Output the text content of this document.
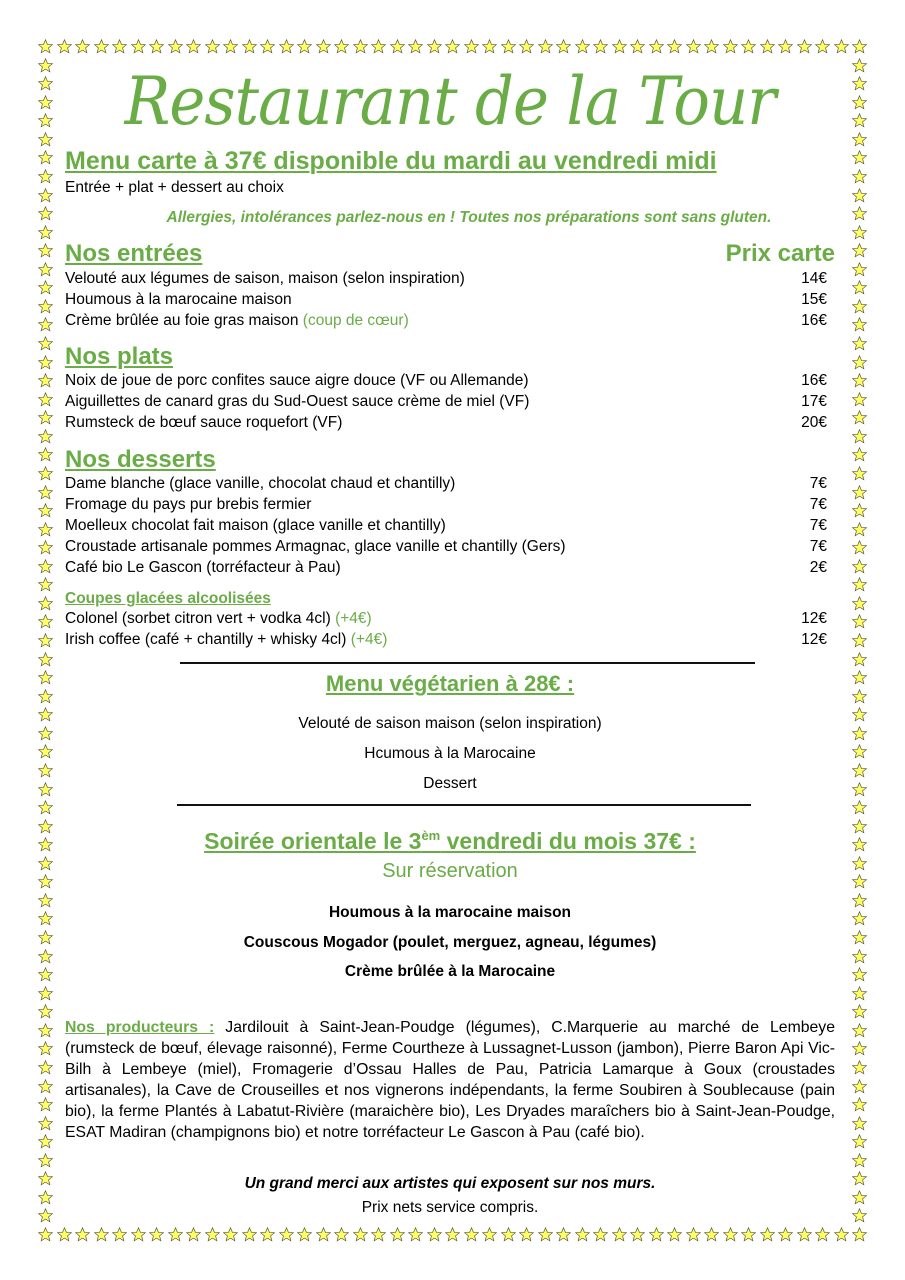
Restaurant de la Tour
Menu carte à 37€ disponible du mardi au vendredi midi
Entrée + plat + dessert au choix
Allergies, intolérances parlez-nous en ! Toutes nos préparations sont sans gluten.
Nos entrées	Prix carte
Velouté aux légumes de saison, maison (selon inspiration)	14€
Houmous à la marocaine maison	15€
Crème brûlée au foie gras maison (coup de cœur)	16€
Nos plats
Noix de joue de porc confites sauce aigre douce (VF ou Allemande)	16€
Aiguillettes de canard gras du Sud-Ouest sauce crème de miel (VF)	17€
Rumsteck de bœuf sauce roquefort (VF)	20€
Nos desserts
Dame blanche (glace vanille, chocolat chaud et chantilly)	7€
Fromage du pays pur brebis fermier	7€
Moelleux chocolat fait maison (glace vanille et chantilly)	7€
Croustade artisanale pommes Armagnac, glace vanille et chantilly (Gers)	7€
Café bio Le Gascon (torréfacteur à Pau)	2€
Coupes glacées alcoolisées
Colonel (sorbet citron vert + vodka 4cl) (+4€)	12€
Irish coffee (café + chantilly + whisky 4cl) (+4€)	12€
Menu végétarien à 28€ :
Velouté de saison maison (selon inspiration)
Hcumous à la Marocaine
Dessert
Soirée orientale le $3^{èm}$ vendredi du mois 37€ :
Sur réservation
Houmous à la marocaine maison
Couscous Mogador (poulet, merguez, agneau, légumes)
Crème brûlée à la Marocaine
Nos producteurs : Jardilouit à Saint-Jean-Poudge (légumes), C.Marquerie au marché de Lembeye (rumsteck de bœuf, élevage raisonné), Ferme Courtheze à Lussagnet-Lusson (jambon), Pierre Baron Api Vic-Bilh à Lembeye (miel), Fromagerie d’Ossau Halles de Pau, Patricia Lamarque à Goux (croustades artisanales), la Cave de Crouseilles et nos vignerons indépendants, la ferme Soubiren à Soublecause (pain bio), la ferme Plantés à Labatut-Rivière (maraichère bio), Les Dryades maraîchers bio à Saint-Jean-Poudge, ESAT Madiran (champignons bio) et notre torréfacteur Le Gascon à Pau (café bio).
Un grand merci aux artistes qui exposent sur nos murs.
Prix nets service compris.
